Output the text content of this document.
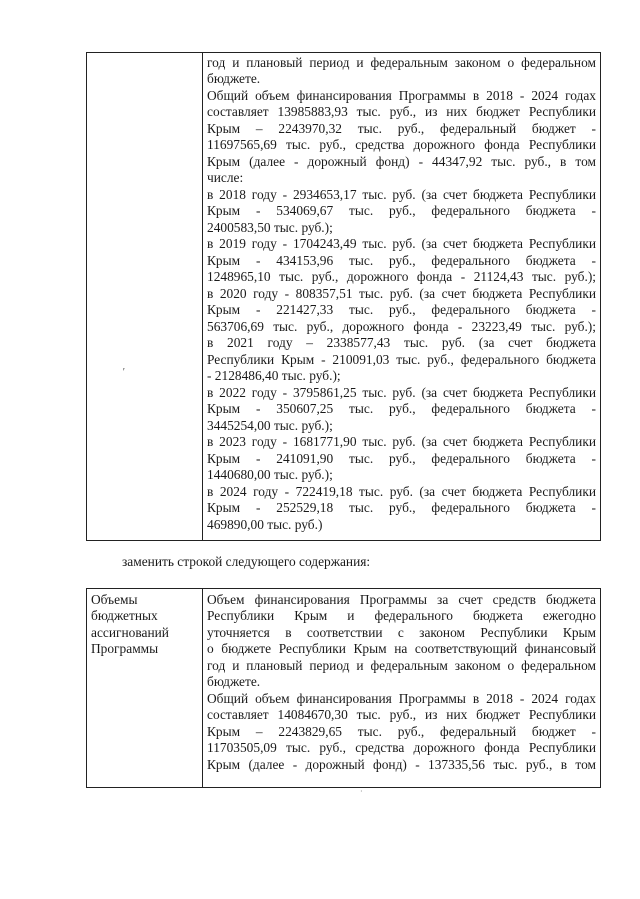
год и плановый период и федеральным законом о федеральном
бюджете.
Общий объем финансирования Программы в 2018 - 2024 годах
составляет 13985883,93 тыс. руб., из них бюджет Республики
Крым – 2243970,32 тыс. руб., федеральный бюджет -
11697565,69 тыс. руб., средства дорожного фонда Республики
Крым (далее - дорожный фонд) - 44347,92 тыс. руб., в том
числе:
в 2018 году - 2934653,17 тыс. руб. (за счет бюджета Республики
Крым - 534069,67 тыс. руб., федерального бюджета -
2400583,50 тыс. руб.);
в 2019 году - 1704243,49 тыс. руб. (за счет бюджета Республики
Крым - 434153,96 тыс. руб., федерального бюджета -
1248965,10 тыс. руб., дорожного фонда - 21124,43 тыс. руб.);
в 2020 году - 808357,51 тыс. руб. (за счет бюджета Республики
Крым - 221427,33 тыс. руб., федерального бюджета -
563706,69 тыс. руб., дорожного фонда - 23223,49 тыс. руб.);
в 2021 году – 2338577,43 тыс. руб. (за счет бюджета
Республики Крым - 210091,03 тыс. руб., федерального бюджета
- 2128486,40 тыс. руб.);
в 2022 году - 3795861,25 тыс. руб. (за счет бюджета Республики
Крым - 350607,25 тыс. руб., федерального бюджета -
3445254,00 тыс. руб.);
в 2023 году - 1681771,90 тыс. руб. (за счет бюджета Республики
Крым - 241091,90 тыс. руб., федерального бюджета -
1440680,00 тыс. руб.);
в 2024 году - 722419,18 тыс. руб. (за счет бюджета Республики
Крым - 252529,18 тыс. руб., федерального бюджета -
469890,00 тыс. руб.)
'
заменить строкой следующего содержания:
Объемы
бюджетных
ассигнований
Программы
Объем финансирования Программы за счет средств бюджета
Республики Крым и федерального бюджета ежегодно
уточняется в соответствии с законом Республики Крым
о бюджете Республики Крым на соответствующий финансовый
год и плановый период и федеральным законом о федеральном
бюджете.
Общий объем финансирования Программы в 2018 - 2024 годах
составляет 14084670,30 тыс. руб., из них бюджет Республики
Крым – 2243829,65 тыс. руб., федеральный бюджет -
11703505,09 тыс. руб., средства дорожного фонда Республики
Крым (далее - дорожный фонд) - 137335,56 тыс. руб., в том
·
